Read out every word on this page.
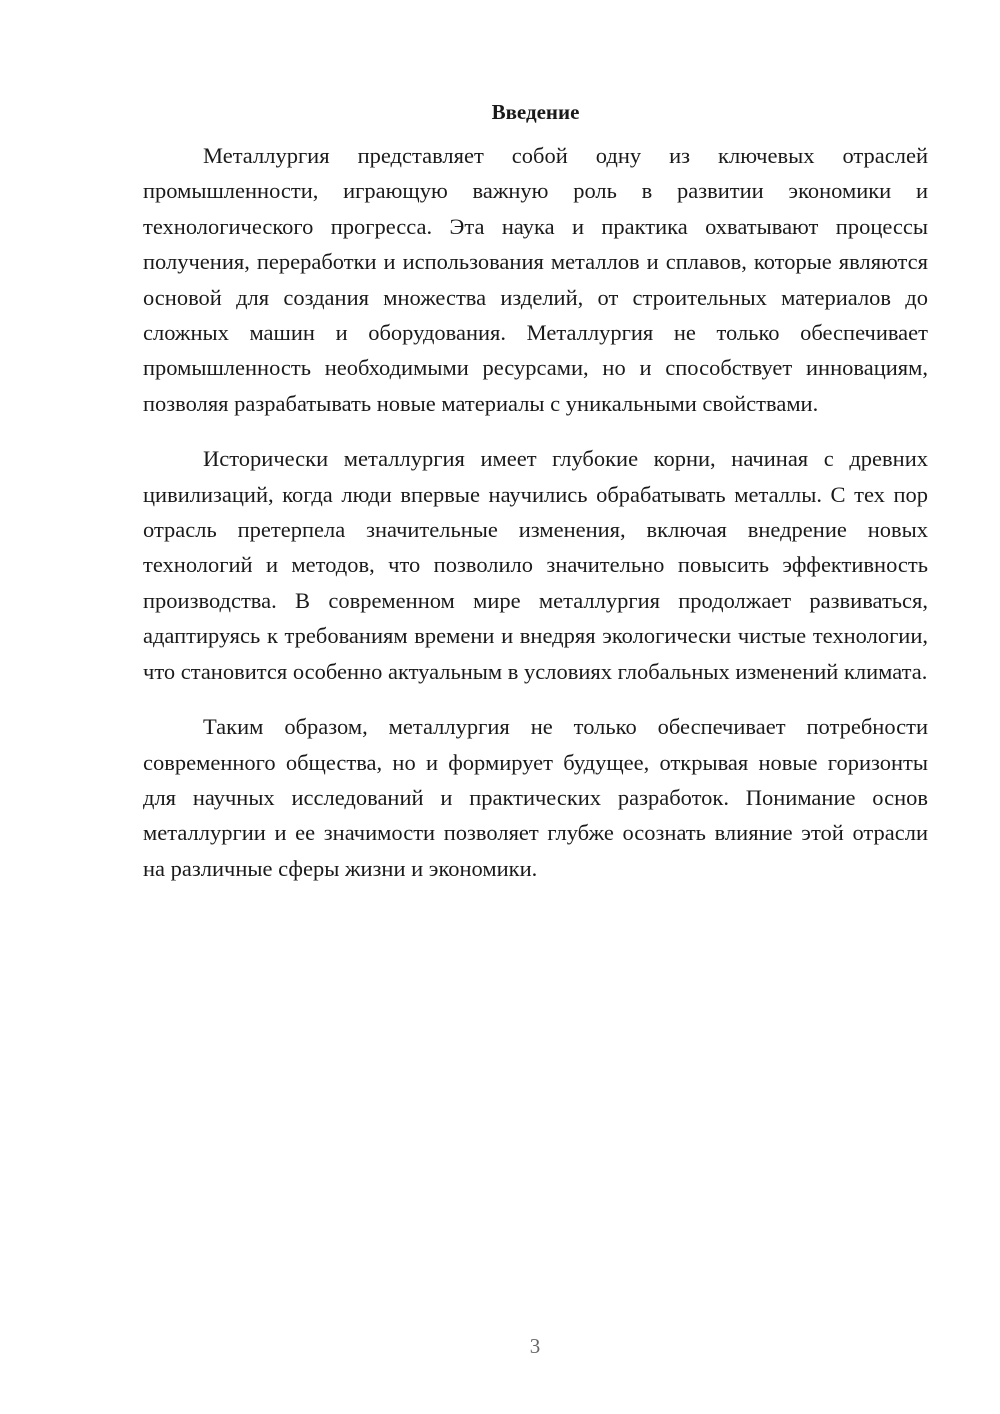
Введение

Металлургия представляет собой одну из ключевых отраслей промышленности, играющую важную роль в развитии экономики и технологического прогресса. Эта наука и практика охватывают процессы получения, переработки и использования металлов и сплавов, которые являются основой для создания множества изделий, от строительных материалов до сложных машин и оборудования. Металлургия не только обеспечивает промышленность необходимыми ресурсами, но и способствует инновациям, позволяя разрабатывать новые материалы с уникальными свойствами.

Исторически металлургия имеет глубокие корни, начиная с древних цивилизаций, когда люди впервые научились обрабатывать металлы. С тех пор отрасль претерпела значительные изменения, включая внедрение новых технологий и методов, что позволило значительно повысить эффективность производства. В современном мире металлургия продолжает развиваться, адаптируясь к требованиям времени и внедряя экологически чистые технологии, что становится особенно актуальным в условиях глобальных изменений климата.

Таким образом, металлургия не только обеспечивает потребности современного общества, но и формирует будущее, открывая новые горизонты для научных исследований и практических разработок. Понимание основ металлургии и ее значимости позволяет глубже осознать влияние этой отрасли на различные сферы жизни и экономики.

3
